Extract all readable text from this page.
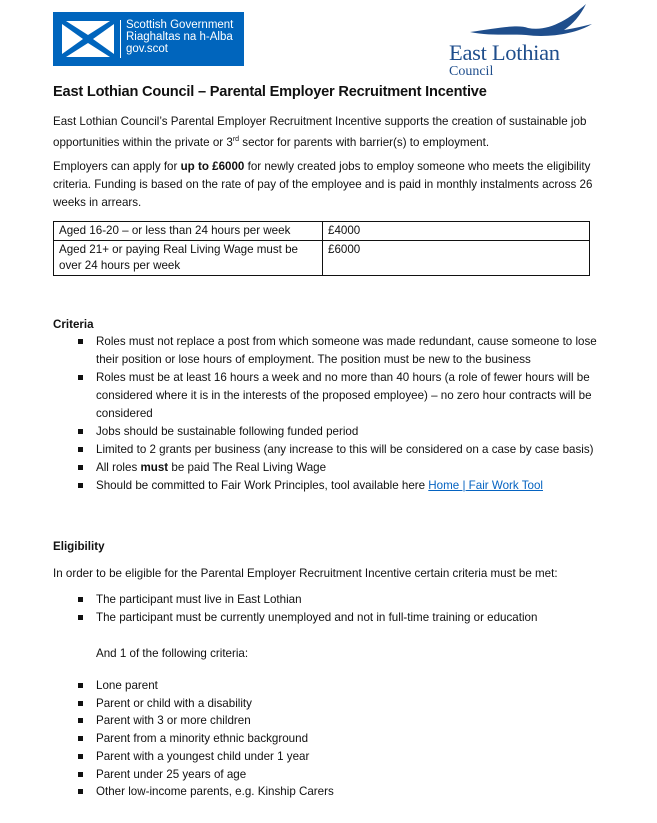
Scottish Government
Riaghaltas na h-Alba
gov.scot	East Lothian
Council
East Lothian Council – Parental Employer Recruitment Incentive

East Lothian Council’s Parental Employer Recruitment Incentive supports the creation of sustainable job opportunities within the private or 3rd sector for parents with barrier(s) to employment.

Employers can apply for up to £6000 for newly created jobs to employ someone who meets the eligibility criteria. Funding is based on the rate of pay of the employee and is paid in monthly instalments across 26 weeks in arrears.

Aged 16-20 – or less than 24 hours per week	£4000
Aged 21+ or paying Real Living Wage must be over 24 hours per week	£6000
Criteria
Roles must not replace a post from which someone was made redundant, cause someone to lose their position or lose hours of employment. The position must be new to the business
Roles must be at least 16 hours a week and no more than 40 hours (a role of fewer hours will be considered where it is in the interests of the proposed employee) – no zero hour contracts will be considered
Jobs should be sustainable following funded period
Limited to 2 grants per business (any increase to this will be considered on a case by case basis)
All roles must be paid The Real Living Wage
Should be committed to Fair Work Principles, tool available here Home | Fair Work Tool
Eligibility

In order to be eligible for the Parental Employer Recruitment Incentive certain criteria must be met:

The participant must live in East Lothian
The participant must be currently unemployed and not in full-time training or education

And 1 of the following criteria:

Lone parent
Parent or child with a disability
Parent with 3 or more children
Parent from a minority ethnic background
Parent with a youngest child under 1 year
Parent under 25 years of age
Other low-income parents, e.g. Kinship Carers
